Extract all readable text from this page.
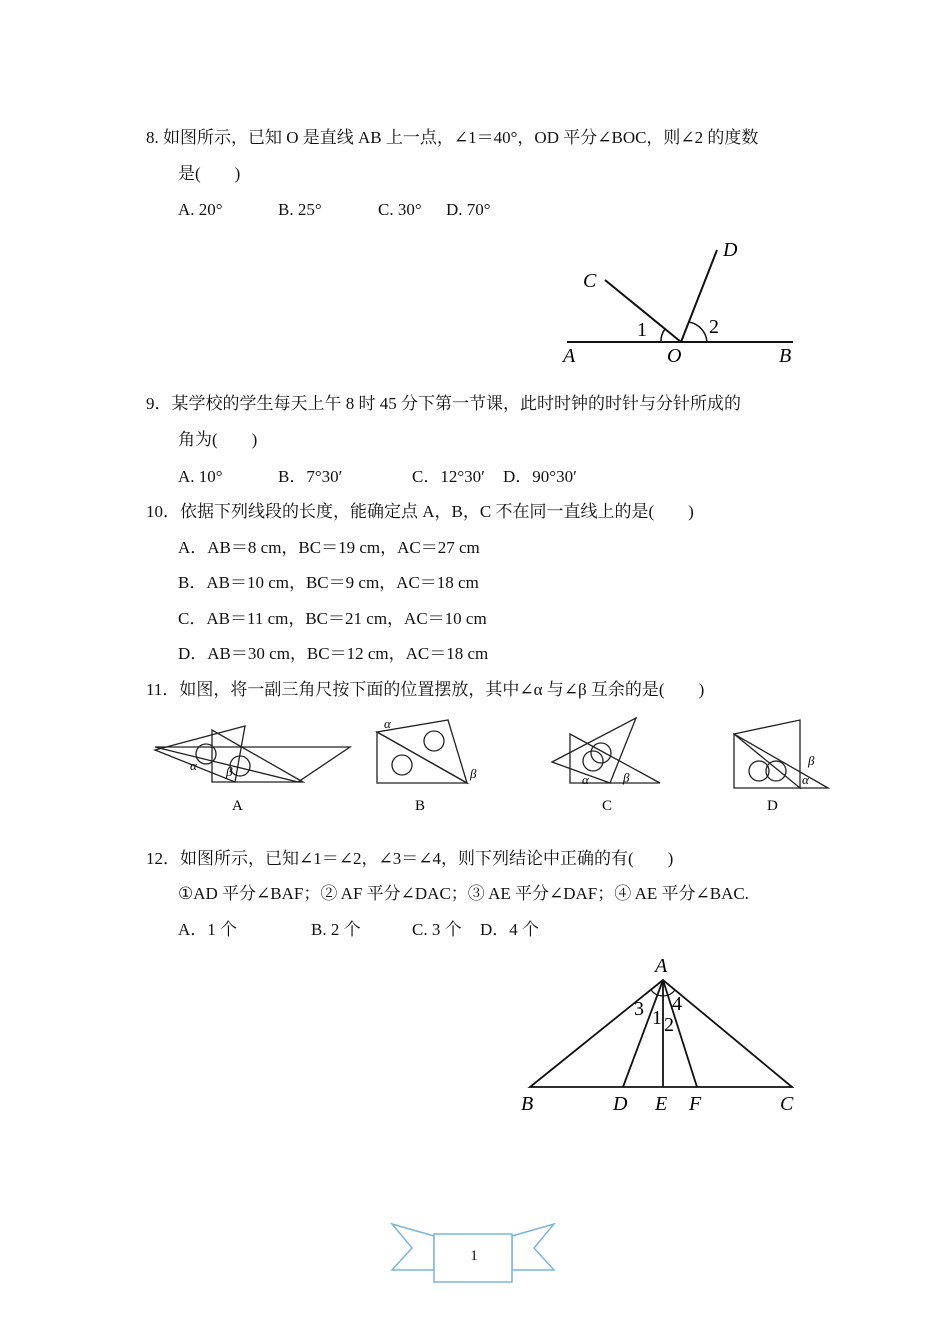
8. 如图所示，已知 O 是直线 AB 上一点，∠1＝40°，OD 平分∠BOC，则∠2 的度数
是(　　)
A. 20°	B. 25°	C. 30° D. 70°
A	O	B
C
D
1	2
9．某学校的学生每天上午 8 时 45 分下第一节课，此时时钟的时针与分针所成的
角为(　　)
A. 10°	B．7°30′	C．12°30′ D．90°30′
10．依据下列线段的长度，能确定点 A，B，C 不在同一直线上的是(　　)
A．AB＝8 cm，BC＝19 cm，AC＝27 cm
B．AB＝10 cm，BC＝9 cm，AC＝18 cm
C．AB＝11 cm，BC＝21 cm，AC＝10 cm
D．AB＝30 cm，BC＝12 cm，AC＝18 cm
11．如图，将一副三角尺按下面的位置摆放，其中∠α 与∠β 互余的是(　　)
α β
α
β	α	β	α
β
A	B	C	D
12．如图所示，已知∠1＝∠2，∠3＝∠4，则下列结论中正确的有(　　)
①AD 平分∠BAF；② AF 平分∠DAC；③ AE 平分∠DAF；④ AE 平分∠BAC.
A．1 个	B. 2 个	C. 3 个 D．4 个
A
B	D E F	C
3 1 2
4
1
